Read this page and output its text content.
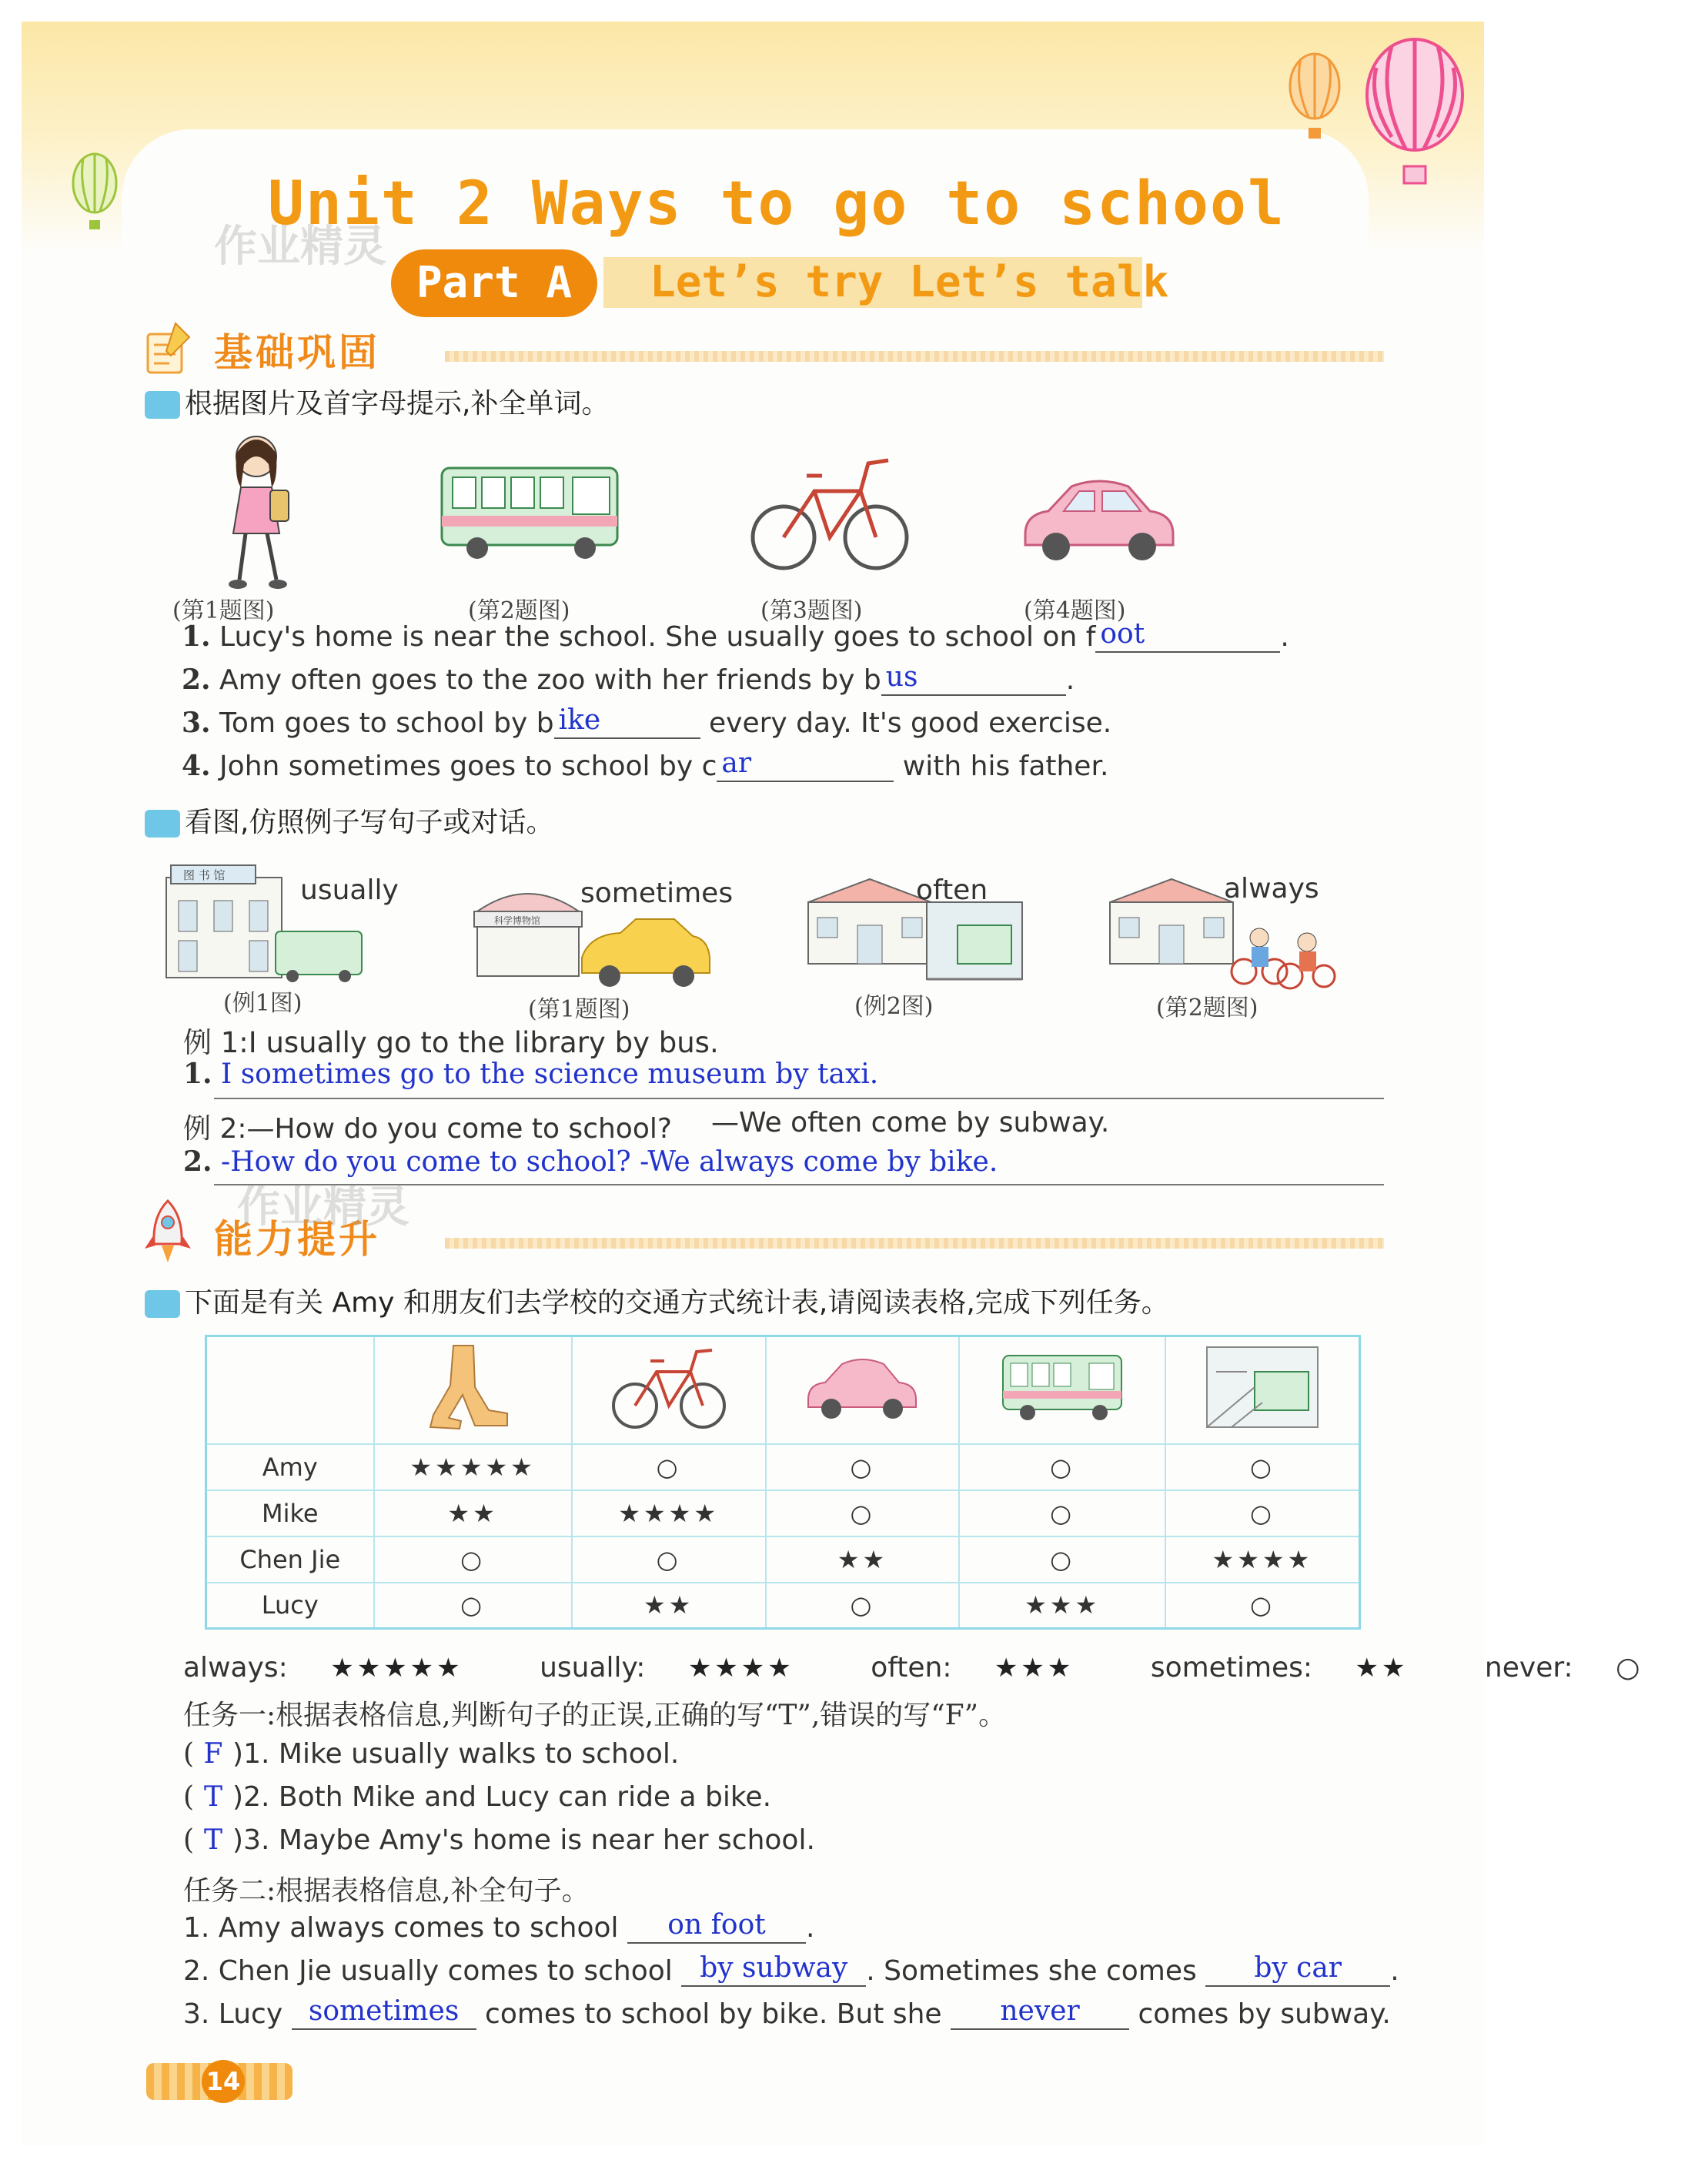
Unit 2 Ways to go to school
Let’s try Let’s talk
Part A
作业精灵
基础巩固
根据图片及首字母提示,补全单词。
(第1题图)	(第2题图)	(第3题图)	(第4题图)
1. Lucy's home is near the school. She usually goes to school on f oot	.
2. Amy often goes to the zoo with her friends by b us	.
3. Tom goes to school by b ike	every day. It's good exercise.
4. John sometimes goes to school by c ar	with his father.
看图,仿照例子写句子或对话。
图 书 馆	usually
(例1图)
科学博物馆
sometimes
(第1题图)
often
(例2图)
always
(第2题图)
例 1:I usually go to the library by bus.
1. I sometimes go to the science museum by taxi.
例 2:—How do you come to school? —We often come by subway.
2. -How do you come to school? -We always come by bike.
能力提升
作业精灵
下面是有关 Amy 和朋友们去学校的交通方式统计表,请阅读表格,完成下列任务。

Amy	★★★★★	○	○	○	○
Mike	★★	★★★★	○	○	○
Chen Jie	○	○	★★	○	★★★★
Lucy	○	★★	○	★★★	○
always: ★★★★★	usually: ★★★★	often: ★★★	sometimes: ★★	never: ○
任务一:根据表格信息,判断句子的正误,正确的写“T”,错误的写“F”。
( F )1. Mike usually walks to school.
( T )2. Both Mike and Lucy can ride a bike.
( T )3. Maybe Amy's home is near her school.
任务二:根据表格信息,补全句子。
1. Amy always comes to school	on foot	.
2. Chen Jie usually comes to school by subway . Sometimes she comes	by car	.
3. Lucy sometimes comes to school by bike. But she	never	comes by subway.
14
